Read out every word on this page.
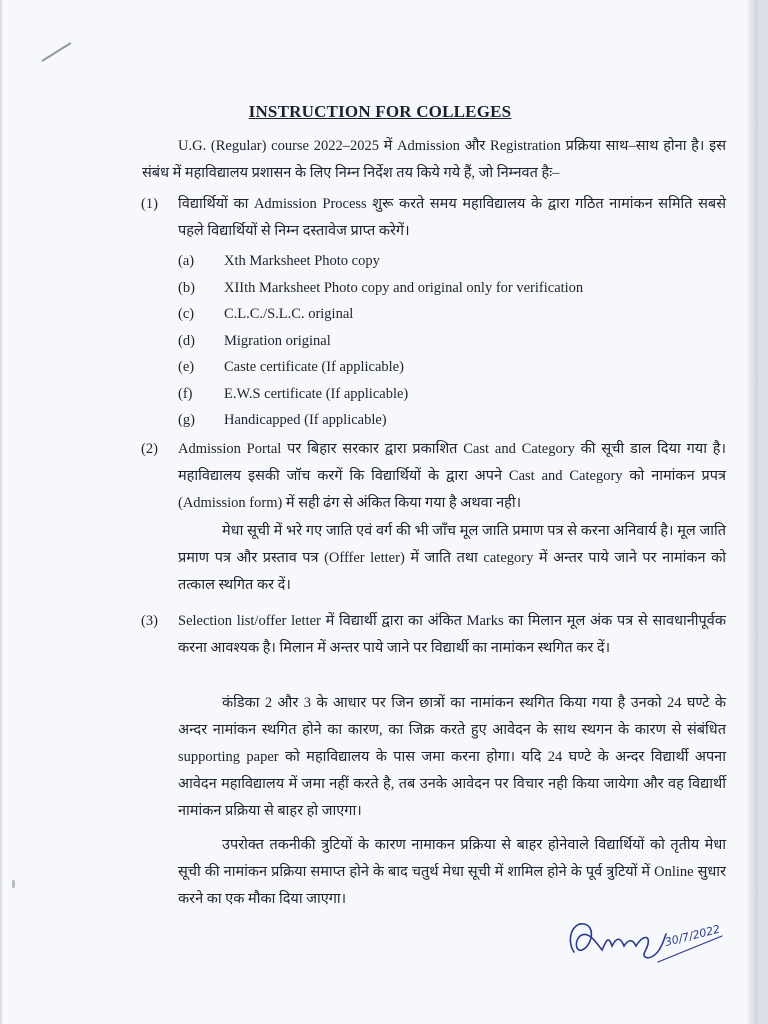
INSTRUCTION FOR COLLEGES
U.G. (Regular) course 2022–2025 में Admission और Registration प्रक्रिया साथ–साथ होना है। इस संबंध में महाविद्यालय प्रशासन के लिए निम्न निर्देश तय किये गये हैं, जो निम्नवत हैः–
(1) विद्यार्थियों का Admission Process शुरू करते समय महाविद्यालय के द्वारा गठित नामांकन समिति सबसे पहले विद्यार्थियों से निम्न दस्तावेज प्राप्त करेगें।
(a) Xth Marksheet Photo copy
(b) XIIth Marksheet Photo copy and original only for verification
(c) C.L.C./S.L.C. original
(d) Migration original
(e) Caste certificate (If applicable)
(f) E.W.S certificate (If applicable)
(g) Handicapped (If applicable)
(2) Admission Portal पर बिहार सरकार द्वारा प्रकाशित Cast and Category की सूची डाल दिया गया है। महाविद्यालय इसकी जॉच करगें कि विद्यार्थियों के द्वारा अपने Cast and Category को नामांकन प्रपत्र (Admission form) में सही ढंग से अंकित किया गया है अथवा नही।
मेधा सूची में भरे गए जाति एवं वर्ग की भी जाँच मूल जाति प्रमाण पत्र से करना अनिवार्य है। मूल जाति प्रमाण पत्र और प्रस्ताव पत्र (Offfer letter) में जाति तथा category में अन्तर पाये जाने पर नामांकन को तत्काल स्थगित कर दें।
(3) Selection list/offer letter में विद्यार्थी द्वारा का अंकित Marks का मिलान मूल अंक पत्र से सावधानीपूर्वक करना आवश्यक है। मिलान में अन्तर पाये जाने पर विद्यार्थी का नामांकन स्थगित कर दें।
कंडिका 2 और 3 के आधार पर जिन छात्रों का नामांकन स्थगित किया गया है उनको 24 घण्टे के अन्दर नामांकन स्थगित होने का कारण, का जिक्र करते हुए आवेदन के साथ स्थगन के कारण से संबंधित supporting paper को महाविद्यालय के पास जमा करना होगा। यदि 24 घण्टे के अन्दर विद्यार्थी अपना आवेदन महाविद्यालय में जमा नहीं करते है, तब उनके आवेदन पर विचार नही किया जायेगा और वह विद्यार्थी नामांकन प्रक्रिया से बाहर हो जाएगा।
उपरोक्त तकनीकी त्रुटियों के कारण नामाकन प्रक्रिया से बाहर होनेवाले विद्यार्थियों को तृतीय मेधा सूची की नामांकन प्रक्रिया समाप्त होने के बाद चतुर्थ मेधा सूची में शामिल होने के पूर्व त्रुटियों में Online सुधार करने का एक मौका दिया जाएगा।
30/7/2022
